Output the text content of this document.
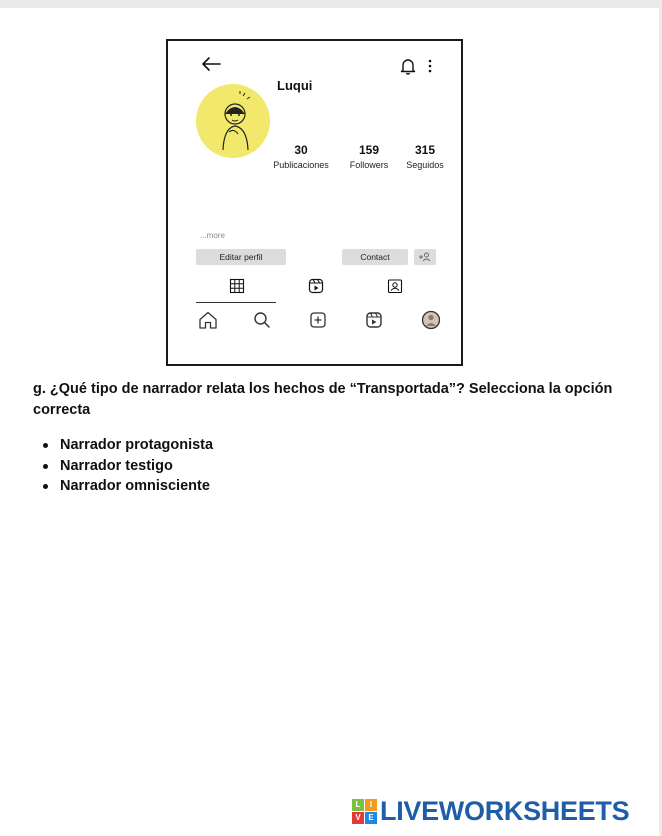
Luqui
30
Publicaciones
159
Followers
315
Seguidos
...more
Editar perfil	Contact
g. ¿Qué tipo de narrador relata los hechos de “Transportada”? Selecciona la opción correcta
Narrador protagonista
Narrador testigo
Narrador omnisciente
L	I
V E LIVEWORKSHEETS
